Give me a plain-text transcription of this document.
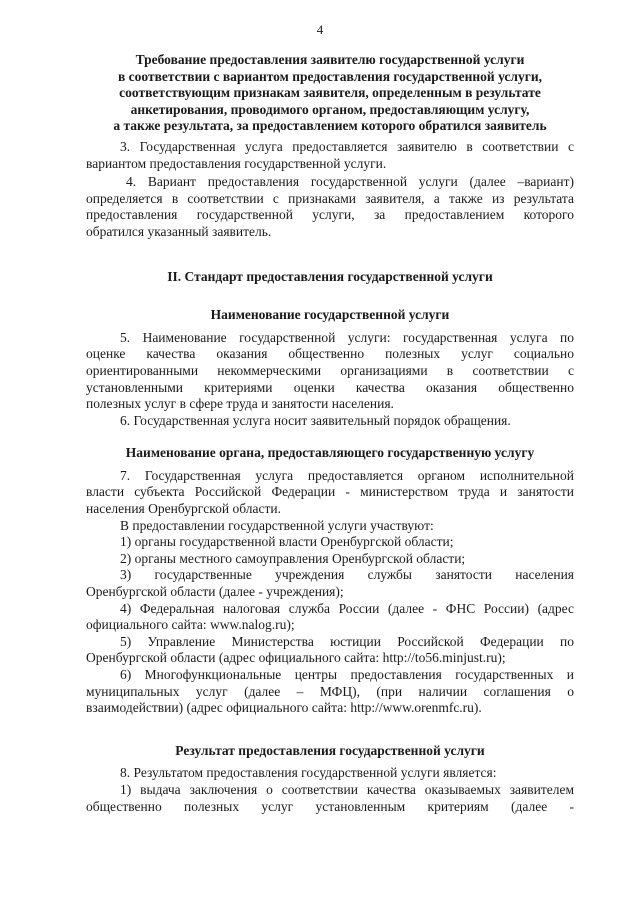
4
Требование предоставления заявителю государственной услуги
в соответствии с вариантом предоставления государственной услуги,
соответствующим признакам заявителя, определенным в результате
анкетирования, проводимого органом, предоставляющим услугу,
а также результата, за предоставлением которого обратился заявитель
3. Государственная услуга предоставляется заявителю в соответствии с
вариантом предоставления государственной услуги.
4. Вариант предоставления государственной услуги (далее –вариант)
определяется в соответствии с признаками заявителя, а также из результата
предоставления государственной услуги, за предоставлением которого
обратился указанный заявитель.
II. Стандарт предоставления государственной услуги
Наименование государственной услуги
5. Наименование государственной услуги: государственная услуга по
оценке качества оказания общественно полезных услуг социально
ориентированными некоммерческими организациями в соответствии с
установленными критериями оценки качества оказания общественно
полезных услуг в сфере труда и занятости населения.
6. Государственная услуга носит заявительный порядок обращения.
Наименование органа, предоставляющего государственную услугу
7. Государственная услуга предоставляется органом исполнительной
власти субъекта Российской Федерации - министерством труда и занятости
населения Оренбургской области.
В предоставлении государственной услуги участвуют:
1) органы государственной власти Оренбургской области;
2) органы местного самоуправления Оренбургской области;
3) государственные учреждения службы занятости населения
Оренбургской области (далее - учреждения);
4) Федеральная налоговая служба России (далее - ФНС России) (адрес
официального сайта: www.nalog.ru);
5) Управление Министерства юстиции Российской Федерации по
Оренбургской области (адрес официального сайта: http://to56.minjust.ru);
6) Многофункциональные центры предоставления государственных и
муниципальных услуг (далее – МФЦ), (при наличии соглашения о
взаимодействии) (адрес официального сайта: http://www.orenmfc.ru).
Результат предоставления государственной услуги
8. Результатом предоставления государственной услуги является:
1) выдача заключения о соответствии качества оказываемых заявителем
общественно полезных услуг установленным критериям (далее -
